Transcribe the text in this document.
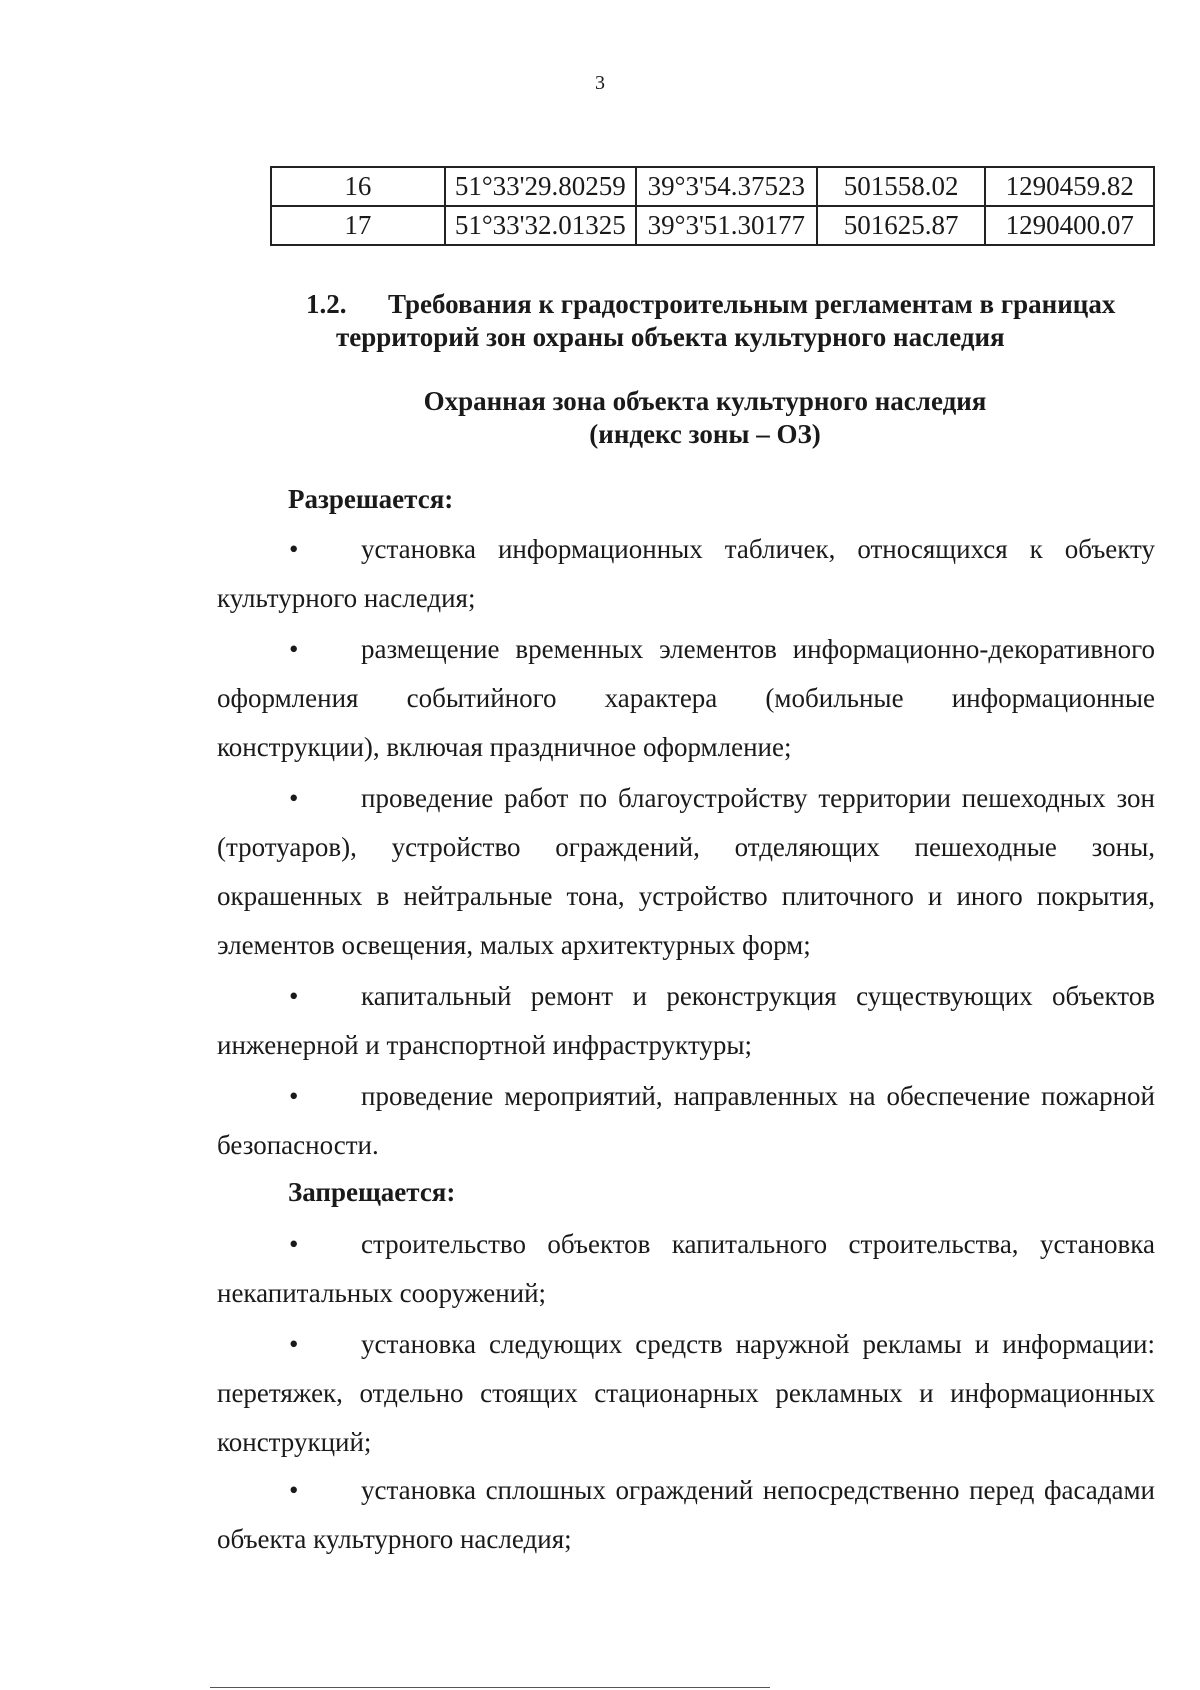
3
16	51°33'29.80259	39°3'54.37523	501558.02	1290459.82
17	51°33'32.01325	39°3'51.30177	501625.87	1290400.07
1.2. Требования к градостроительным регламентам в границах
территорий зон охраны объекта культурного наследия
Охранная зона объекта культурного наследия
(индекс зоны – ОЗ)
Разрешается:
• установка информационных табличек, относящихся к объекту культурного наследия;
• размещение временных элементов информационно-декоративного оформления событийного характера (мобильные информационные конструкции), включая праздничное оформление;
• проведение работ по благоустройству территории пешеходных зон (тротуаров), устройство ограждений, отделяющих пешеходные зоны, окрашенных в нейтральные тона, устройство плиточного и иного покрытия, элементов освещения, малых архитектурных форм;
• капитальный ремонт и реконструкция существующих объектов инженерной и транспортной инфраструктуры;
• проведение мероприятий, направленных на обеспечение пожарной безопасности.
Запрещается:
• строительство объектов капитального строительства, установка некапитальных сооружений;
• установка следующих средств наружной рекламы и информации: перетяжек, отдельно стоящих стационарных рекламных и информационных конструкций;
• установка сплошных ограждений непосредственно перед фасадами объекта культурного наследия;
